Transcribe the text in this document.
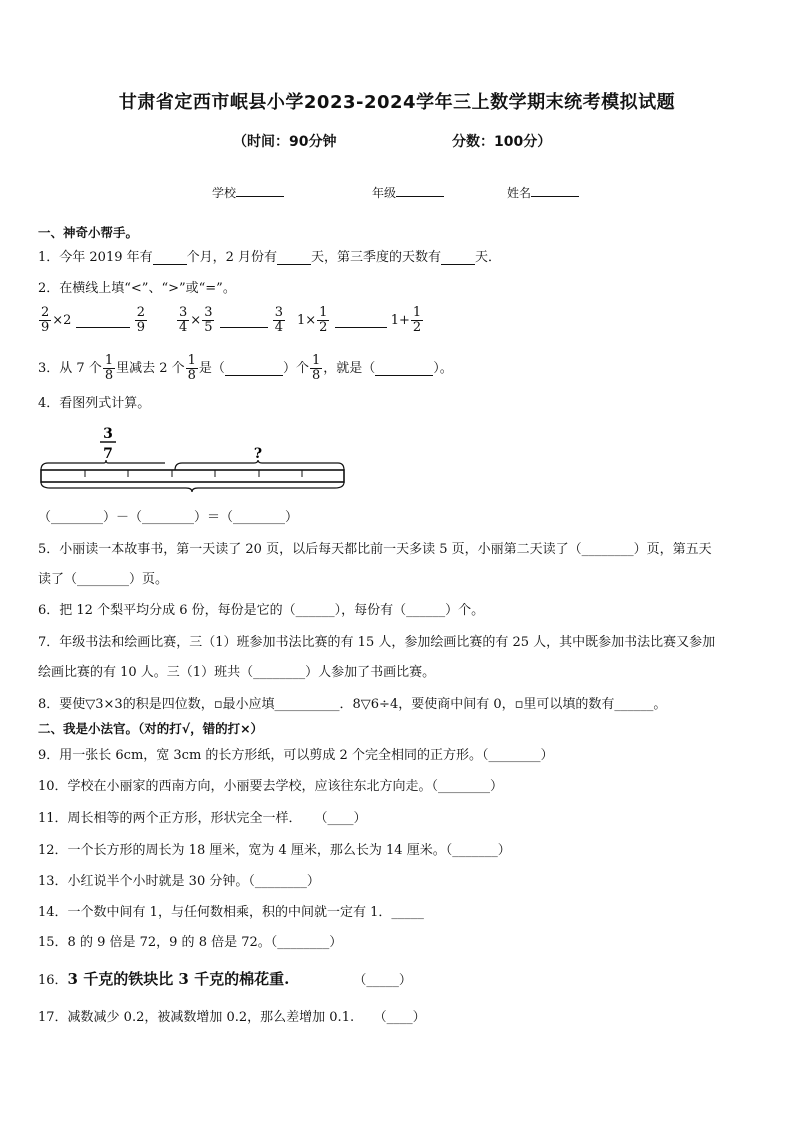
甘肃省定西市岷县小学2023-2024学年三上数学期末统考模拟试题
（时间：90分钟	分数：100分）
学校	年级	姓名
一、神奇小帮手。
1．今年 2019 年有	个月，2 月份有	天，第三季度的天数有	天．
2．在横线上填“<”、“>”或“=”。
$\frac{2}{9} \times 2$	$\frac{2}{9} \frac{3}{4} \times \frac{3}{5}$
	$\frac{3}{4} 1\times \frac{1}{2}$	$1+ \frac{1}{2}$
3．从 7 个 $\frac{1}{8}$ 里减去 2 个 $\frac{1}{8}$ 是（	）个 $\frac{1}{8}$ ，就是（	）。
4．看图列式计算。
3
7	?
（________）－（________）＝（________）
5．小丽读一本故事书，第一天读了 20 页，以后每天都比前一天多读 5 页，小丽第二天读了（________）页，第五天
读了（________）页。
6．把 12 个梨平均分成 6 份，每份是它的（______），每份有（______）个。
7．年级书法和绘画比赛，三（1）班参加书法比赛的有 15 人，参加绘画比赛的有 25 人，其中既参加书法比赛又参加
绘画比赛的有 10 人。三（1）班共（________）人参加了书画比赛。
8．要使▽3×3的积是四位数，▫最小应填__________．8▽6÷4，要使商中间有 0，▫里可以填的数有______。
二、我是小法官。（对的打√，错的打×）
9．用一张长 6cm，宽 3cm 的长方形纸，可以剪成 2 个完全相同的正方形。（________）
10．学校在小丽家的西南方向，小丽要去学校，应该往东北方向走。（________）
11．周长相等的两个正方形，形状完全一样．　　（____）
12．一个长方形的周长为 18 厘米，宽为 4 厘米，那么长为 14 厘米。（_______）
13．小红说半个小时就是 30 分钟。（________）
14．一个数中间有 1，与任何数相乘，积的中间就一定有 1．_____
15．8 的 9 倍是 72，9 的 8 倍是 72。（________）
16．3 千克的铁块比 3 千克的棉花重.	（_____）
17．减数减少 0.2，被减数增加 0.2，那么差增加 0.1.　　（____）
